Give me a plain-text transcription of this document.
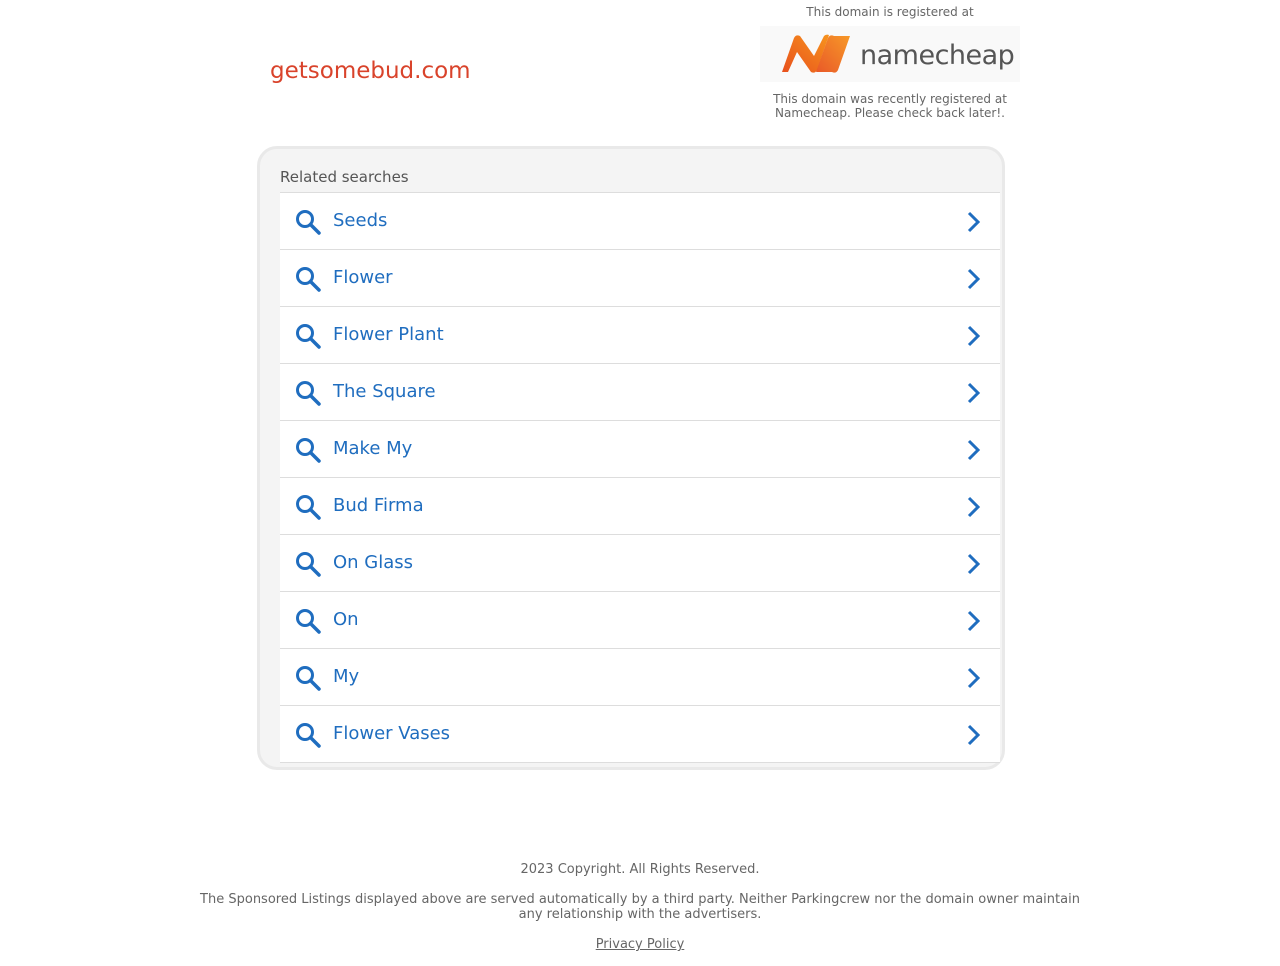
getsomebud.com
This domain is registered at
namecheap
This domain was recently registered at Namecheap. Please check back later!.
Related searches
Seeds
Flower
Flower Plant
The Square
Make My
Bud Firma
On Glass
On
My
Flower Vases

2023 Copyright. All Rights Reserved.

The Sponsored Listings displayed above are served automatically by a third party. Neither Parkingcrew nor the domain owner maintain any relationship with the advertisers.

Privacy Policy
